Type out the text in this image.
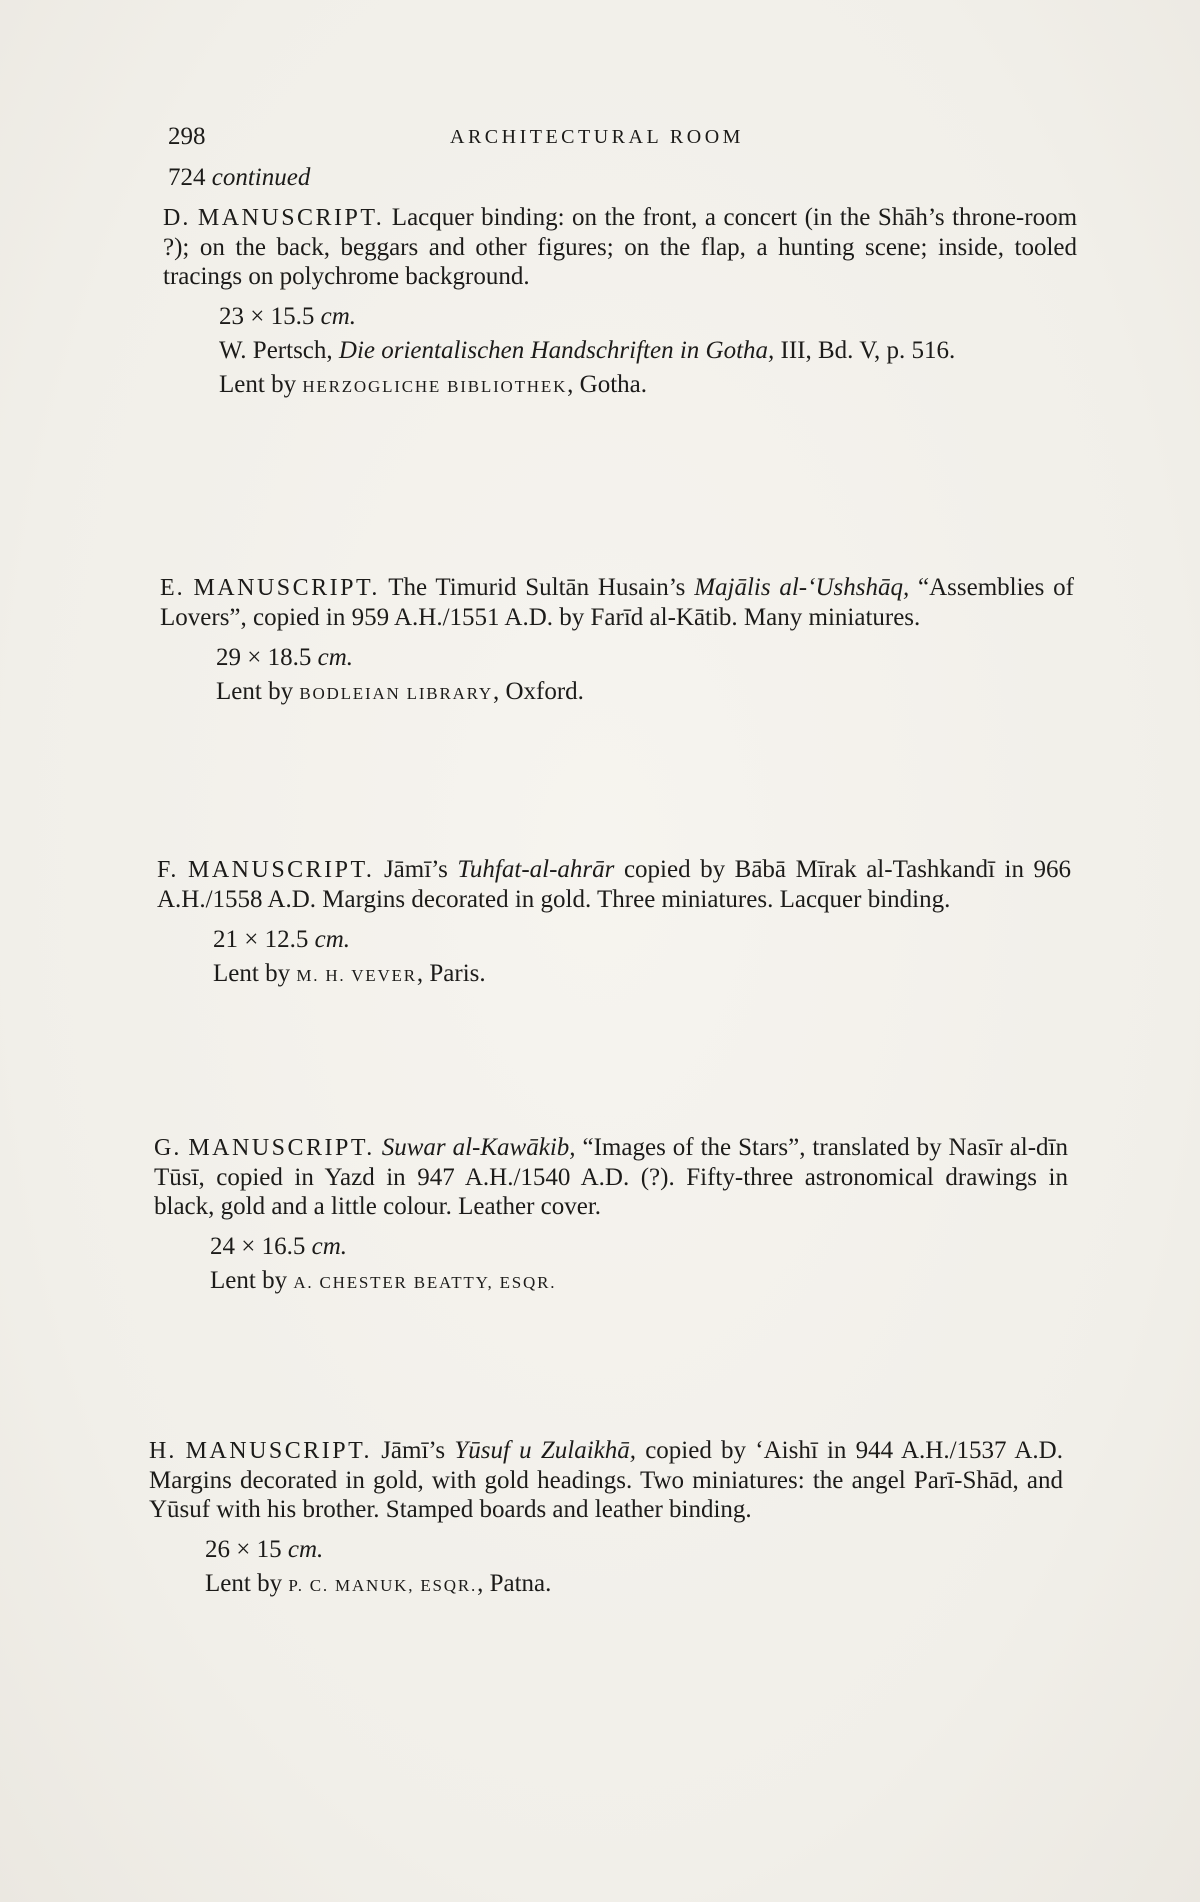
298	ARCHITECTURAL ROOM
724 continued

D. MANUSCRIPT. Lacquer binding: on the front, a concert (in the Shāh’s throne-room ?); on the back, beggars and other figures; on the flap, a hunting scene; inside, tooled tracings on polychrome background.

23 × 15.5 cm.
W. Pertsch, Die orientalischen Handschriften in Gotha, III, Bd. V, p. 516.
Lent by HERZOGLICHE BIBLIOTHEK, Gotha.

E. MANUSCRIPT. The Timurid Sultān Husain’s Majālis al-‘Ushshāq, “Assemblies of Lovers”, copied in 959 A.H./1551 A.D. by Farīd al-Kātib. Many miniatures.

29 × 18.5 cm.
Lent by BODLEIAN LIBRARY, Oxford.

F. MANUSCRIPT. Jāmī’s Tuhfat-al-ahrār copied by Bābā Mīrak al-Tashkandī in 966 A.H./1558 A.D. Margins decorated in gold. Three miniatures. Lacquer binding.

21 × 12.5 cm.
Lent by M. H. VEVER, Paris.

G. MANUSCRIPT. Suwar al-Kawākib, “Images of the Stars”, translated by Nasīr al-dīn Tūsī, copied in Yazd in 947 A.H./1540 A.D. (?). Fifty-three astronomical drawings in black, gold and a little colour. Leather cover.

24 × 16.5 cm.
Lent by A. CHESTER BEATTY, ESQR.

H. MANUSCRIPT. Jāmī’s Yūsuf u Zulaikhā, copied by ‘Aishī in 944 A.H./1537 A.D. Margins decorated in gold, with gold headings. Two miniatures: the angel Parī-Shād, and Yūsuf with his brother. Stamped boards and leather binding.

26 × 15 cm.
Lent by P. C. MANUK, ESQR., Patna.
